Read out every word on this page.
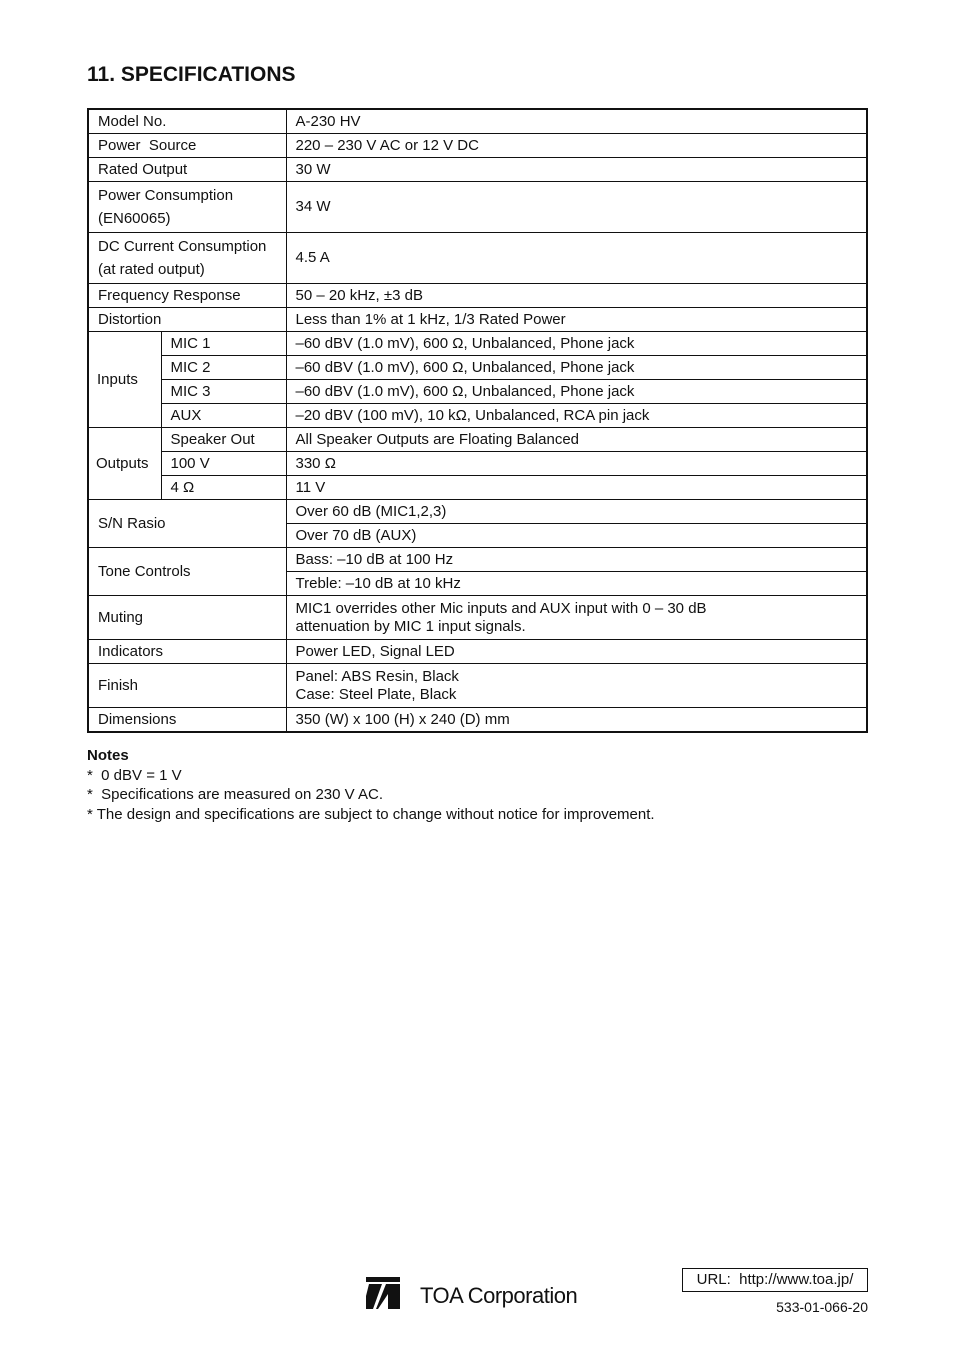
11. SPECIFICATIONS
Model No.		A-230 HV
Power  Source		220 – 230 V AC or 12 V DC
Rated Output		30 W

Power Consumption
(EN60065)		34 W

DC Current Consumption
(at rated output)		4.5 A
Frequency Response		50 – 20 kHz, ±3 dB
Distortion		Less than 1% at 1 kHz, 1/3 Rated Power
Inputs	MIC 1	–60 dBV (1.0 mV), 600 Ω, Unbalanced, Phone jack
	MIC 2	–60 dBV (1.0 mV), 600 Ω, Unbalanced, Phone jack
	MIC 3	–60 dBV (1.0 mV), 600 Ω, Unbalanced, Phone jack
	AUX	–20 dBV (100 mV), 10 kΩ, Unbalanced, RCA pin jack
Outputs	Speaker Out	All Speaker Outputs are Floating Balanced
	100 V	330 Ω
	4 Ω	11 V
S/N Rasio		Over 60 dB (MIC1,2,3)
		Over 70 dB (AUX)
Tone Controls		Bass: –10 dB at 100 Hz
		Treble: –10 dB at 10 kHz
Muting		MIC1 overrides other Mic inputs and AUX input with 0 – 30 dB
attenuation by MIC 1 input signals.

Indicators		Power LED, Signal LED
Finish		Panel: ABS Resin, Black
Case: Steel Plate, Black

Dimensions		350 (W) x 100 (H) x 240 (D) mm
Notes
*  0 dBV = 1 V
*  Specifications are measured on 230 V AC.
* The design and specifications are subject to change without notice for improvement.
TOA Corporation
URL:  http://www.toa.jp/
533-01-066-20
